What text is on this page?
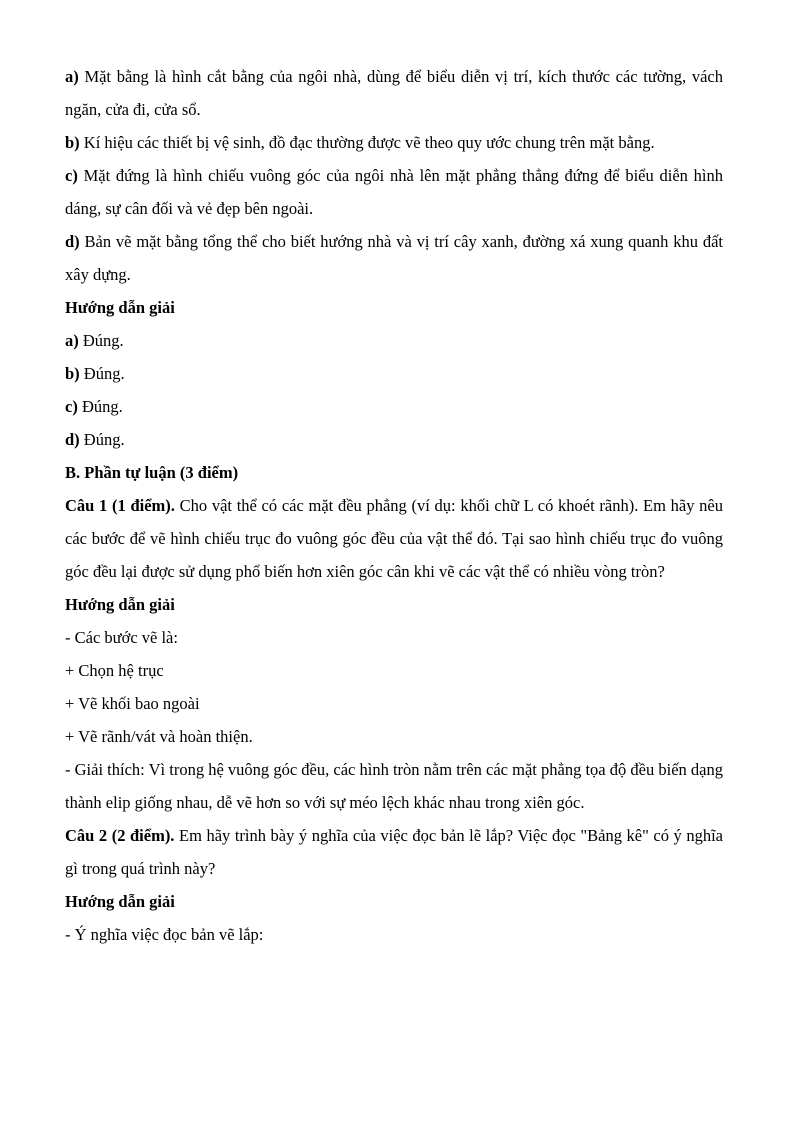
a) Mặt bằng là hình cắt bằng của ngôi nhà, dùng để biểu diễn vị trí, kích thước các tường, vách ngăn, cửa đi, cửa sổ.

b) Kí hiệu các thiết bị vệ sinh, đồ đạc thường được vẽ theo quy ước chung trên mặt bằng.

c) Mặt đứng là hình chiếu vuông góc của ngôi nhà lên mặt phẳng thẳng đứng để biểu diễn hình dáng, sự cân đối và vẻ đẹp bên ngoài.

d) Bản vẽ mặt bằng tổng thể cho biết hướng nhà và vị trí cây xanh, đường xá xung quanh khu đất xây dựng.

Hướng dẫn giải

a) Đúng.

b) Đúng.

c) Đúng.

d) Đúng.

B. Phần tự luận (3 điểm)

Câu 1 (1 điểm). Cho vật thể có các mặt đều phẳng (ví dụ: khối chữ L có khoét rãnh). Em hãy nêu các bước để vẽ hình chiếu trục đo vuông góc đều của vật thể đó. Tại sao hình chiếu trục đo vuông góc đều lại được sử dụng phổ biến hơn xiên góc cân khi vẽ các vật thể có nhiều vòng tròn?

Hướng dẫn giải

- Các bước vẽ là:

+ Chọn hệ trục

+ Vẽ khối bao ngoài

+ Vẽ rãnh/vát và hoàn thiện.

- Giải thích: Vì trong hệ vuông góc đều, các hình tròn nằm trên các mặt phẳng tọa độ đều biến dạng thành elip giống nhau, dễ vẽ hơn so với sự méo lệch khác nhau trong xiên góc.

Câu 2 (2 điểm). Em hãy trình bày ý nghĩa của việc đọc bản lẽ lắp? Việc đọc "Bảng kê" có ý nghĩa gì trong quá trình này?

Hướng dẫn giải

- Ý nghĩa việc đọc bản vẽ lắp:
